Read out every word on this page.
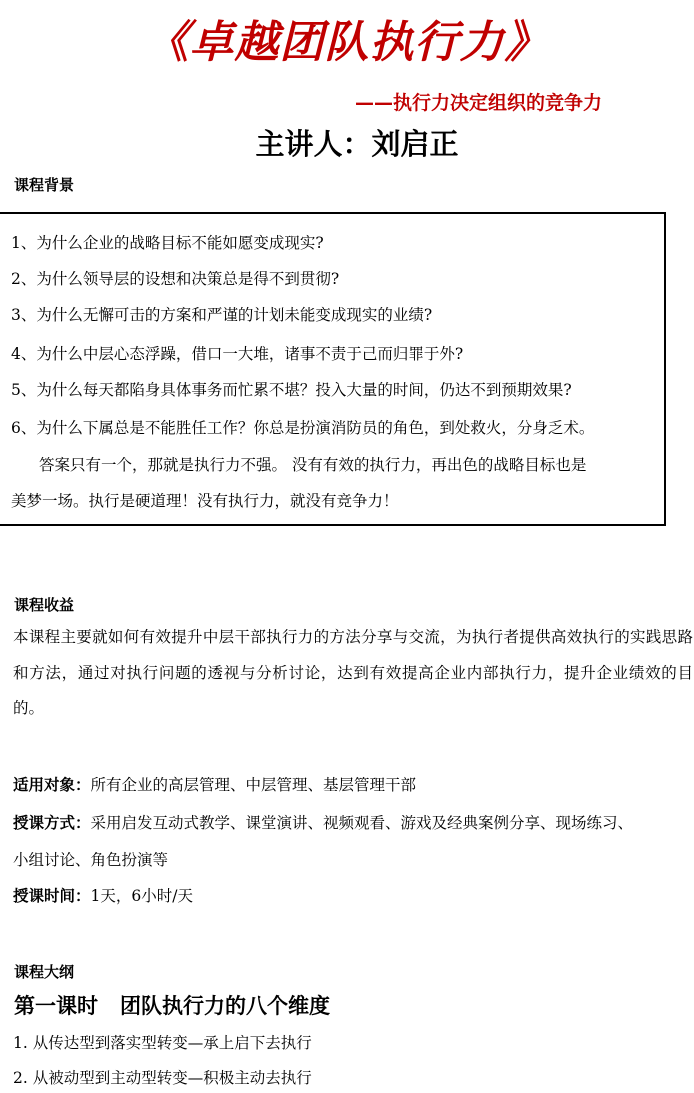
《卓越团队执行力》
——执行力决定组织的竞争力
主讲人：刘启正
课程背景
1、为什么企业的战略目标不能如愿变成现实?
2、为什么领导层的设想和决策总是得不到贯彻?
3、为什么无懈可击的方案和严谨的计划未能变成现实的业绩?
4、为什么中层心态浮躁，借口一大堆，诸事不责于己而归罪于外?
5、为什么每天都陷身具体事务而忙累不堪？投入大量的时间，仍达不到预期效果?
6、为什么下属总是不能胜任工作？你总是扮演消防员的角色，到处救火，分身乏术。
答案只有一个，那就是执行力不强。 没有有效的执行力，再出色的战略目标也是
美梦一场。执行是硬道理！没有执行力，就没有竞争力！
课程收益
本课程主要就如何有效提升中层干部执行力的方法分享与交流，为执行者提供高效执行的实践思路和方法，通过对执行问题的透视与分析讨论，达到有效提高企业内部执行力，提升企业绩效的目的。
适用对象：所有企业的高层管理、中层管理、基层管理干部
授课方式：采用启发互动式教学、课堂演讲、视频观看、游戏及经典案例分享、现场练习、
小组讨论、角色扮演等
授课时间：1天，6小时/天
课程大纲
第一课时 团队执行力的八个维度
1. 从传达型到落实型转变—承上启下去执行
2. 从被动型到主动型转变—积极主动去执行
